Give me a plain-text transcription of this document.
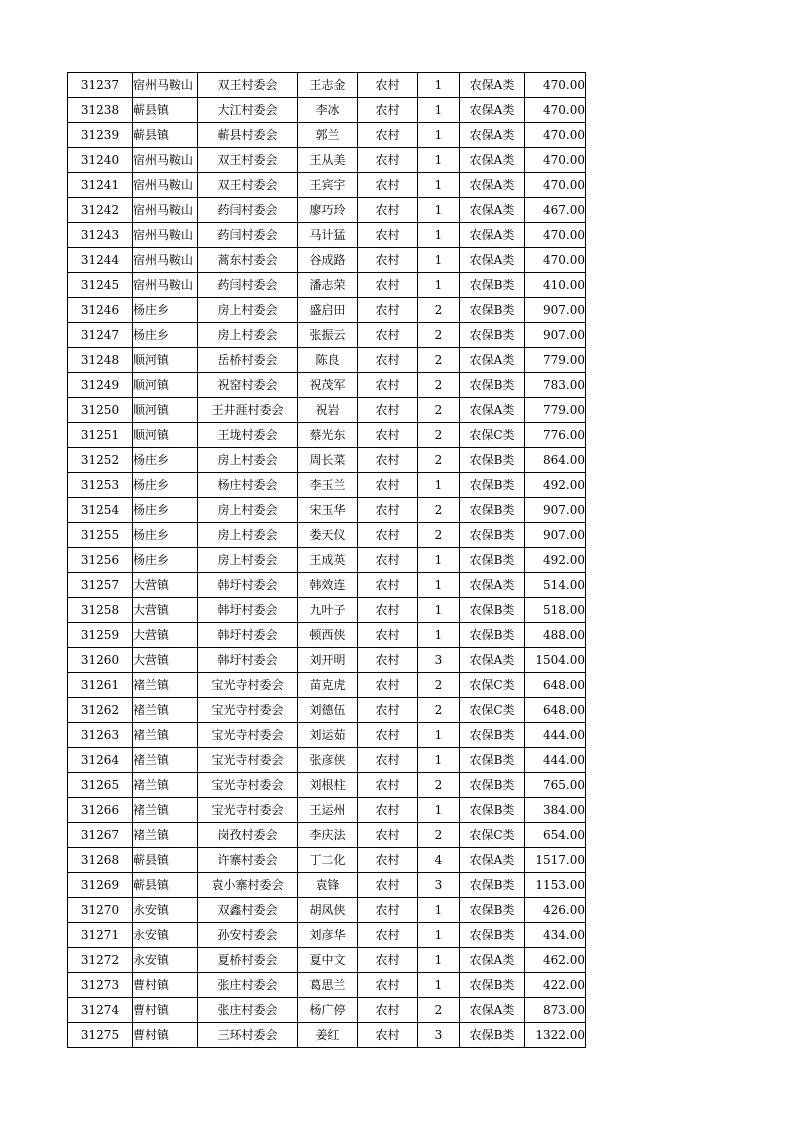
31237	宿州马鞍山	双王村委会	王志金	农村	1	农保A类	470.00
31238	蕲县镇	大江村委会	李冰	农村	1	农保A类	470.00
31239	蕲县镇	蕲县村委会	郭兰	农村	1	农保A类	470.00
31240	宿州马鞍山	双王村委会	王从美	农村	1	农保A类	470.00
31241	宿州马鞍山	双王村委会	王宾宇	农村	1	农保A类	470.00
31242	宿州马鞍山	药闫村委会	廖巧玲	农村	1	农保A类	467.00
31243	宿州马鞍山	药闫村委会	马计猛	农村	1	农保A类	470.00
31244	宿州马鞍山	蒿东村委会	谷成路	农村	1	农保A类	470.00
31245	宿州马鞍山	药闫村委会	潘志荣	农村	1	农保B类	410.00
31246	杨庄乡	房上村委会	盛启田	农村	2	农保B类	907.00
31247	杨庄乡	房上村委会	张振云	农村	2	农保B类	907.00
31248	顺河镇	岳桥村委会	陈良	农村	2	农保A类	779.00
31249	顺河镇	祝窑村委会	祝茂军	农村	2	农保B类	783.00
31250	顺河镇	王井涯村委会	祝岩	农村	2	农保A类	779.00
31251	顺河镇	王垅村委会	蔡光东	农村	2	农保C类	776.00
31252	杨庄乡	房上村委会	周长菜	农村	2	农保B类	864.00
31253	杨庄乡	杨庄村委会	李玉兰	农村	1	农保B类	492.00
31254	杨庄乡	房上村委会	宋玉华	农村	2	农保B类	907.00
31255	杨庄乡	房上村委会	娄天仪	农村	2	农保B类	907.00
31256	杨庄乡	房上村委会	王成英	农村	1	农保B类	492.00
31257	大营镇	韩圩村委会	韩效连	农村	1	农保A类	514.00
31258	大营镇	韩圩村委会	九叶子	农村	1	农保B类	518.00
31259	大营镇	韩圩村委会	顿西侠	农村	1	农保B类	488.00
31260	大营镇	韩圩村委会	刘开明	农村	3	农保A类	1504.00
31261	褚兰镇	宝光寺村委会	苗克虎	农村	2	农保C类	648.00
31262	褚兰镇	宝光寺村委会	刘德伍	农村	2	农保C类	648.00
31263	褚兰镇	宝光寺村委会	刘运茹	农村	1	农保B类	444.00
31264	褚兰镇	宝光寺村委会	张彦侠	农村	1	农保B类	444.00
31265	褚兰镇	宝光寺村委会	刘根柱	农村	2	农保B类	765.00
31266	褚兰镇	宝光寺村委会	王运州	农村	1	农保B类	384.00
31267	褚兰镇	岗孜村委会	李庆法	农村	2	农保C类	654.00
31268	蕲县镇	许寨村委会	丁二化	农村	4	农保A类	1517.00
31269	蕲县镇	袁小寨村委会	袁锋	农村	3	农保B类	1153.00
31270	永安镇	双鑫村委会	胡凤侠	农村	1	农保B类	426.00
31271	永安镇	孙安村委会	刘彦华	农村	1	农保B类	434.00
31272	永安镇	夏桥村委会	夏中文	农村	1	农保A类	462.00
31273	曹村镇	张庄村委会	葛思兰	农村	1	农保B类	422.00
31274	曹村镇	张庄村委会	杨广停	农村	2	农保A类	873.00
31275	曹村镇	三环村委会	姜红	农村	3	农保B类	1322.00
